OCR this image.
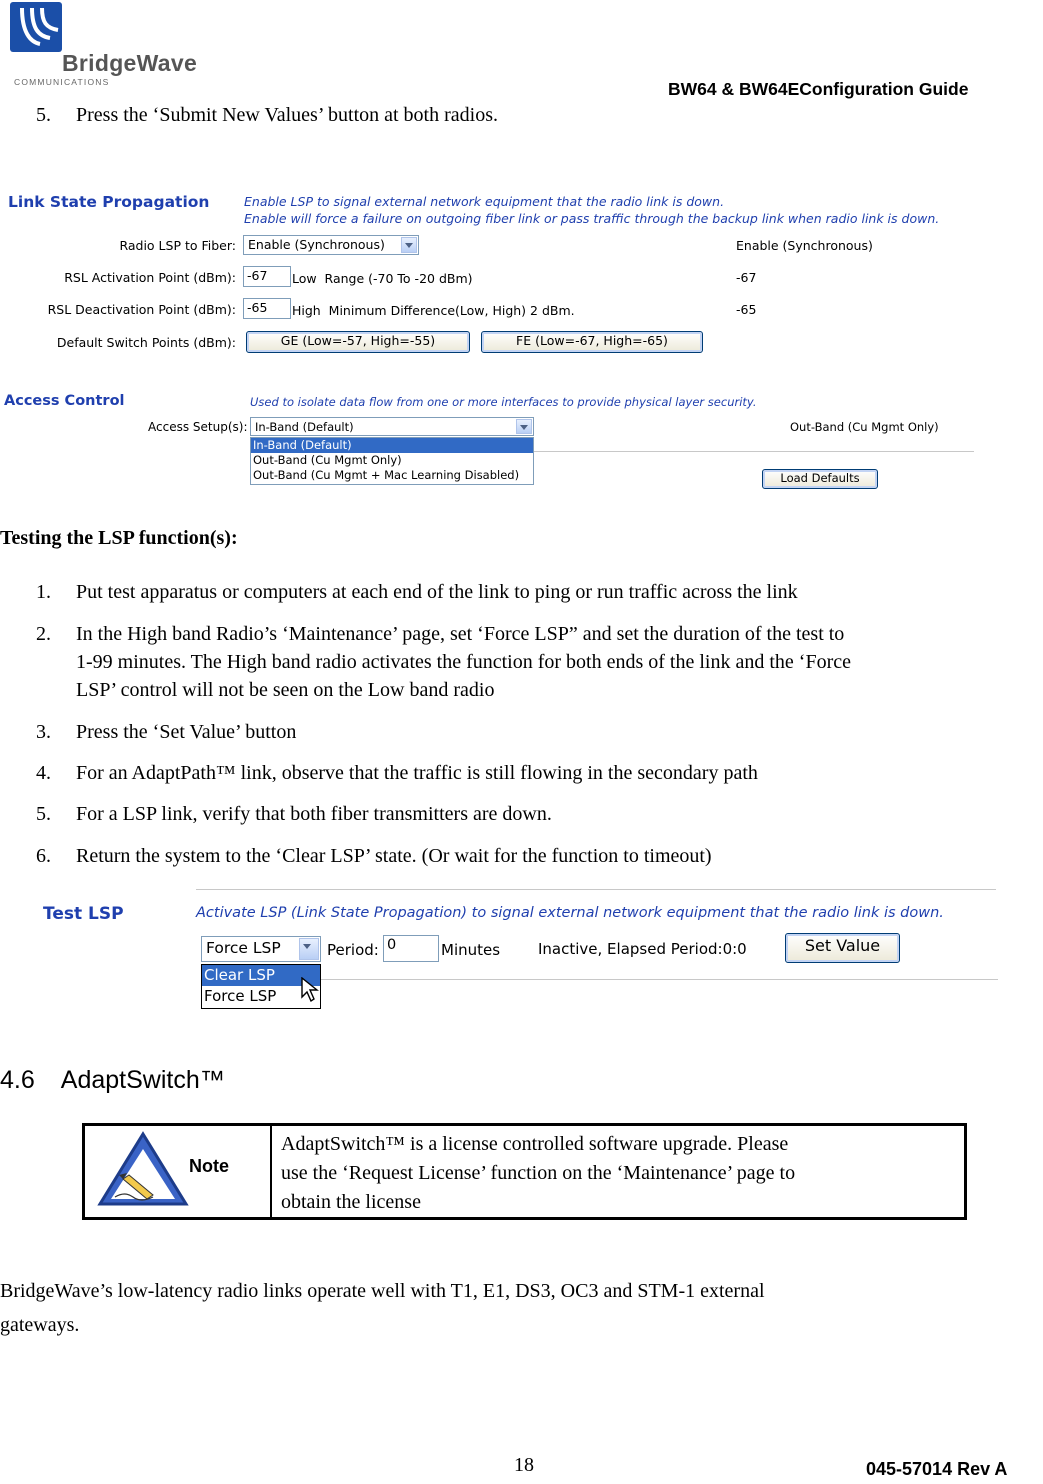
BridgeWave
COMMUNICATIONS	BW64 & BW64EConfiguration Guide
5. Press the ‘Submit New Values’ button at both radios.
Link State Propagation	Enable LSP to signal external network equipment that the radio link is down.
Enable will force a failure on outgoing fiber link or pass traffic through the backup link when radio link is down.
Radio LSP to Fiber: Enable (Synchronous)	Enable (Synchronous)
RSL Activation Point (dBm): -67	Low  Range (-70 To -20 dBm)	-67
RSL Deactivation Point (dBm): -65	High  Minimum Difference(Low, High) 2 dBm.	-65
Default Switch Points (dBm):	GE (Low=-57, High=-55)	FE (Low=-67, High=-65)
Access Control	Used to isolate data flow from one or more interfaces to provide physical layer security.
Access Setup(s): In-Band (Default)	Out-Band (Cu Mgmt Only)
In-Band (Default)
Out-Band (Cu Mgmt Only)
Out-Band (Cu Mgmt + Mac Learning Disabled)	Load Defaults
Testing the LSP function(s):
1. Put test apparatus or computers at each end of the link to ping or run traffic across the link
2. In the High band Radio’s ‘Maintenance’ page, set ‘Force LSP” and set the duration of the test to
1-99 minutes. The High band radio activates the function for both ends of the link and the ‘Force
LSP’ control will not be seen on the Low band radio
3. Press the ‘Set Value’ button
4. For an AdaptPath™ link, observe that the traffic is still flowing in the secondary path
5. For a LSP link, verify that both fiber transmitters are down.
6. Return the system to the ‘Clear LSP’ state. (Or wait for the function to timeout)
Test LSP	Activate LSP (Link State Propagation) to signal external network equipment that the radio link is down.
Force LSP	Period: 0	Minutes	Inactive, Elapsed Period:0:0	Set Value
Clear LSP
Force LSP
4.6 AdaptSwitch™
Note
AdaptSwitch™ is a license controlled software upgrade. Please
use the ‘Request License’ function on the ‘Maintenance’ page to
obtain the license
BridgeWave’s low-latency radio links operate well with T1, E1, DS3, OC3 and STM-1 external
gateways.
18	045-57014 Rev A
